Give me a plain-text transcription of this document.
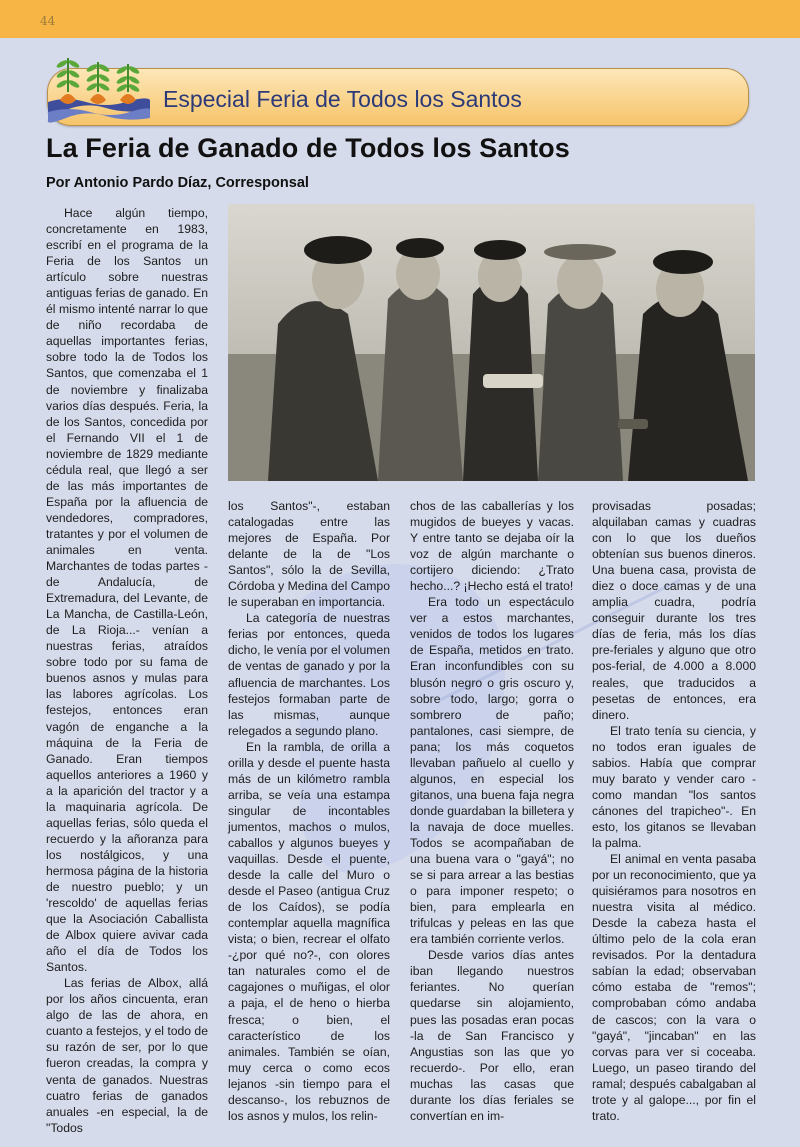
44
Especial Feria de Todos los Santos
La Feria de Ganado de Todos los Santos
Por Antonio Pardo Díaz, Corresponsal

Hace algún tiempo, concretamente en 1983, escribí en el programa de la Feria de los Santos un artículo sobre nuestras antiguas ferias de ganado. En él mismo intenté narrar lo que de niño recordaba de aquellas importantes ferias, sobre todo la de Todos los Santos, que comenzaba el 1 de noviembre y finalizaba varios días después. Feria, la de los Santos, concedida por el Fernando VII el 1 de noviembre de 1829 mediante cédula real, que llegó a ser de las más importantes de España por la afluencia de vendedores, compradores, tratantes y por el volumen de animales en venta. Marchantes de todas partes -de Andalucía, de Extremadura, del Levante, de La Mancha, de Castilla-León, de La Rioja...- venían a nuestras ferias, atraídos sobre todo por su fama de buenos asnos y mulas para las labores agrícolas. Los festejos, entonces eran vagón de enganche a la máquina de la Feria de Ganado. Eran tiempos aquellos anteriores a 1960 y a la aparición del tractor y a la maquinaria agrícola. De aquellas ferias, sólo queda el recuerdo y la añoranza para los nostálgicos, y una hermosa página de la historia de nuestro pueblo; y un 'rescoldo' de aquellas ferias que la Asociación Caballista de Albox quiere avivar cada año el día de Todos los Santos.

Las ferias de Albox, allá por los años cincuenta, eran algo de las de ahora, en cuanto a festejos, y el todo de su razón de ser, por lo que fueron creadas, la compra y venta de ganados. Nuestras cuatro ferias de ganados anuales -en especial, la de "Todos

los Santos"-, estaban catalogadas entre las mejores de España. Por delante de la de "Los Santos", sólo la de Sevilla, Córdoba y Medina del Campo le superaban en importancia.

La categoría de nuestras ferias por entonces, queda dicho, le venía por el volumen de ventas de ganado y por la afluencia de marchantes. Los festejos formaban parte de las mismas, aunque relegados a segundo plano.

En la rambla, de orilla a orilla y desde el puente hasta más de un kilómetro rambla arriba, se veía una estampa singular de incontables jumentos, machos o mulos, caballos y algunos bueyes y vaquillas. Desde el puente, desde la calle del Muro o desde el Paseo (antigua Cruz de los Caídos), se podía contemplar aquella magnífica vista; o bien, recrear el olfato -¿por qué no?-, con olores tan naturales como el de cagajones o muñigas, el olor a paja, el de heno o hierba fresca; o bien, el característico de los animales. También se oían, muy cerca o como ecos lejanos -sin tiempo para el descanso-, los rebuznos de los asnos y mulos, los relin-

chos de las caballerías y los mugidos de bueyes y vacas. Y entre tanto se dejaba oír la voz de algún marchante o cortijero diciendo: ¿Trato hecho...? ¡Hecho está el trato!

Era todo un espectáculo ver a estos marchantes, venidos de todos los lugares de España, metidos en trato. Eran inconfundibles con su blusón negro o gris oscuro y, sobre todo, largo; gorra o sombrero de paño; pantalones, casi siempre, de pana; los más coquetos llevaban pañuelo al cuello y algunos, en especial los gitanos, una buena faja negra donde guardaban la billetera y la navaja de doce muelles. Todos se acompañaban de una buena vara o "gayá"; no se si para arrear a las bestias o para imponer respeto; o bien, para emplearla en trifulcas y peleas en las que era también corriente verlos.

Desde varios días antes iban llegando nuestros feriantes. No querían quedarse sin alojamiento, pues las posadas eran pocas -la de San Francisco y Angustias son las que yo recuerdo-. Por ello, eran muchas las casas que durante los días feriales se convertían en im-

provisadas posadas; alquilaban camas y cuadras con lo que los dueños obtenían sus buenos dineros. Una buena casa, provista de diez o doce camas y de una amplia cuadra, podría conseguir durante los tres días de feria, más los días pre-feriales y alguno que otro pos-ferial, de 4.000 a 8.000 reales, que traducidos a pesetas de entonces, era dinero.

El trato tenía su ciencia, y no todos eran iguales de sabios. Había que comprar muy barato y vender caro -como mandan "los santos cánones del trapicheo"-. En esto, los gitanos se llevaban la palma.

El animal en venta pasaba por un reconocimiento, que ya quisiéramos para nosotros en nuestra visita al médico. Desde la cabeza hasta el último pelo de la cola eran revisados. Por la dentadura sabían la edad; observaban cómo estaba de "remos"; comprobaban cómo andaba de cascos; con la vara o "gayá", "jincaban" en las corvas para ver si coceaba. Luego, un paseo tirando del ramal; después cabalgaban al trote y al galope..., por fin el trato.
